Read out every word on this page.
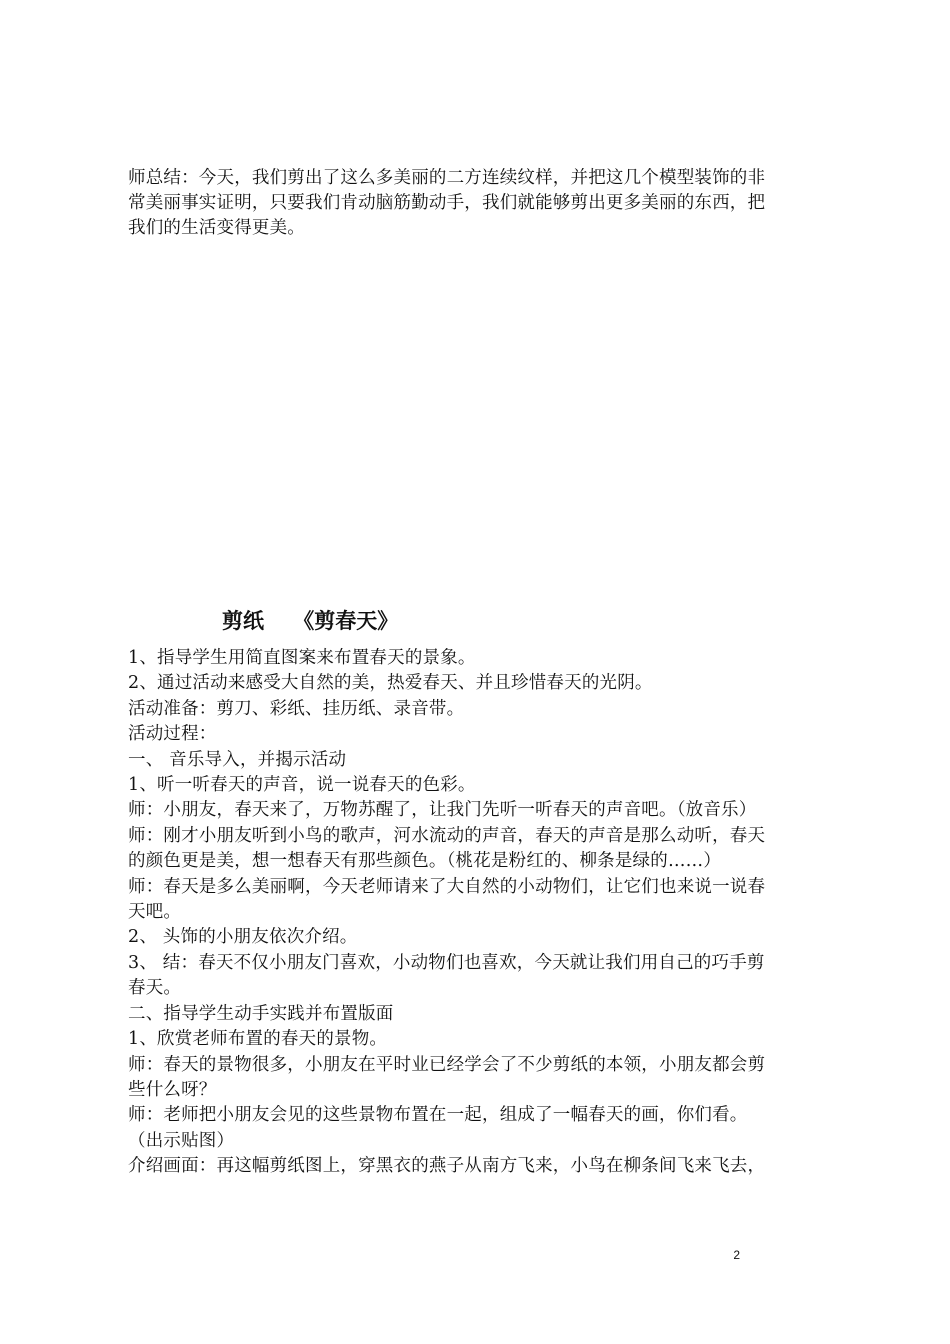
师总结：今天，我们剪出了这么多美丽的二方连续纹样，并把这几个模型装饰的非
常美丽事实证明，只要我们肯动脑筋勤动手，我们就能够剪出更多美丽的东西，把
我们的生活变得更美。

剪纸    《剪春天》
1、指导学生用简直图案来布置春天的景象。
2、通过活动来感受大自然的美，热爱春天、并且珍惜春天的光阴。
活动准备：剪刀、彩纸、挂历纸、录音带。
活动过程：
一、 音乐导入，并揭示活动
1、听一听春天的声音，说一说春天的色彩。
师：小朋友，春天来了，万物苏醒了，让我门先听一听春天的声音吧。（放音乐）
师：刚才小朋友听到小鸟的歌声，河水流动的声音，春天的声音是那么动听，春天
的颜色更是美，想一想春天有那些颜色。（桃花是粉红的、柳条是绿的……）
师：春天是多么美丽啊，今天老师请来了大自然的小动物们，让它们也来说一说春
天吧。
2、 头饰的小朋友依次介绍。
3、 结：春天不仅小朋友门喜欢，小动物们也喜欢，今天就让我们用自己的巧手剪
春天。
二、指导学生动手实践并布置版面
1、欣赏老师布置的春天的景物。
师：春天的景物很多，小朋友在平时业已经学会了不少剪纸的本领，小朋友都会剪
些什么呀？
师：老师把小朋友会见的这些景物布置在一起，组成了一幅春天的画，你们看。
（出示贴图）
介绍画面：再这幅剪纸图上，穿黑衣的燕子从南方飞来，小鸟在柳条间飞来飞去，
2
